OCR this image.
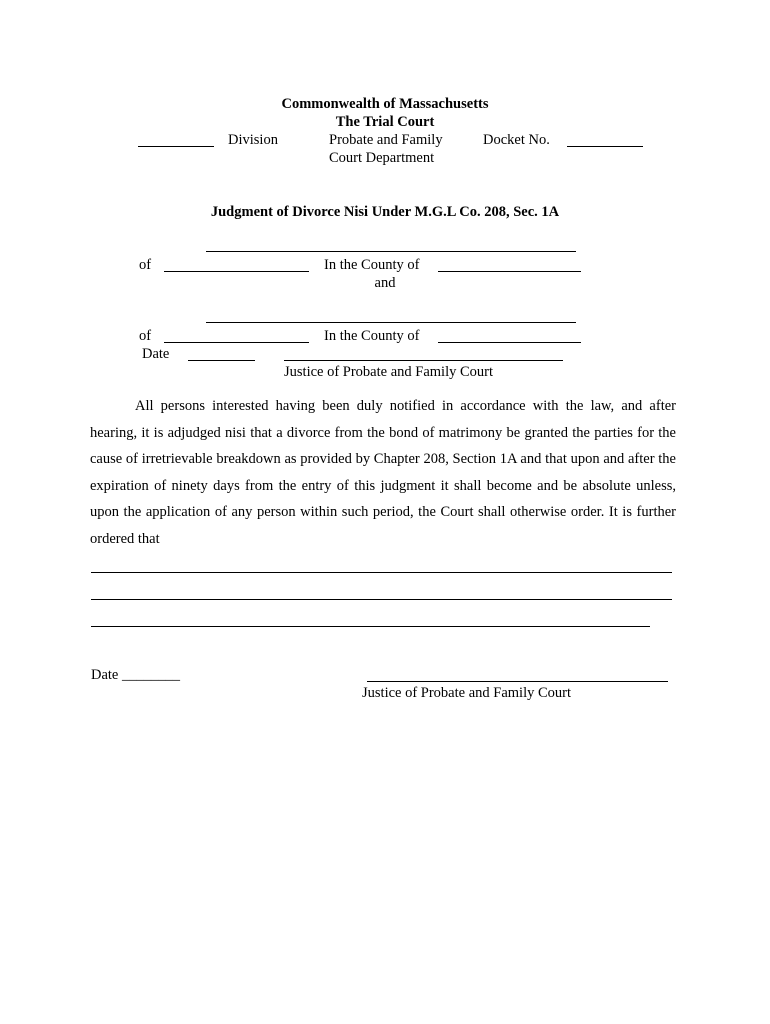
Commonwealth of Massachusetts
The Trial Court
Division	Probate and Family
Court Department
Docket No.
Judgment of Divorce Nisi Under M.G.L Co. 208, Sec. 1A
of	In the County of
and
of	In the County of
Date
Justice of Probate and Family Court
All persons interested having been duly notified in accordance with the law, and after hearing, it is adjudged nisi that a divorce from the bond of matrimony be granted the parties for the cause of irretrievable breakdown as provided by Chapter 208, Section 1A and that upon and after the expiration of ninety days from the entry of this judgment it shall become and be absolute unless, upon the application of any person within such period, the Court shall otherwise order. It is further ordered that
Date ________
Justice of Probate and Family Court
